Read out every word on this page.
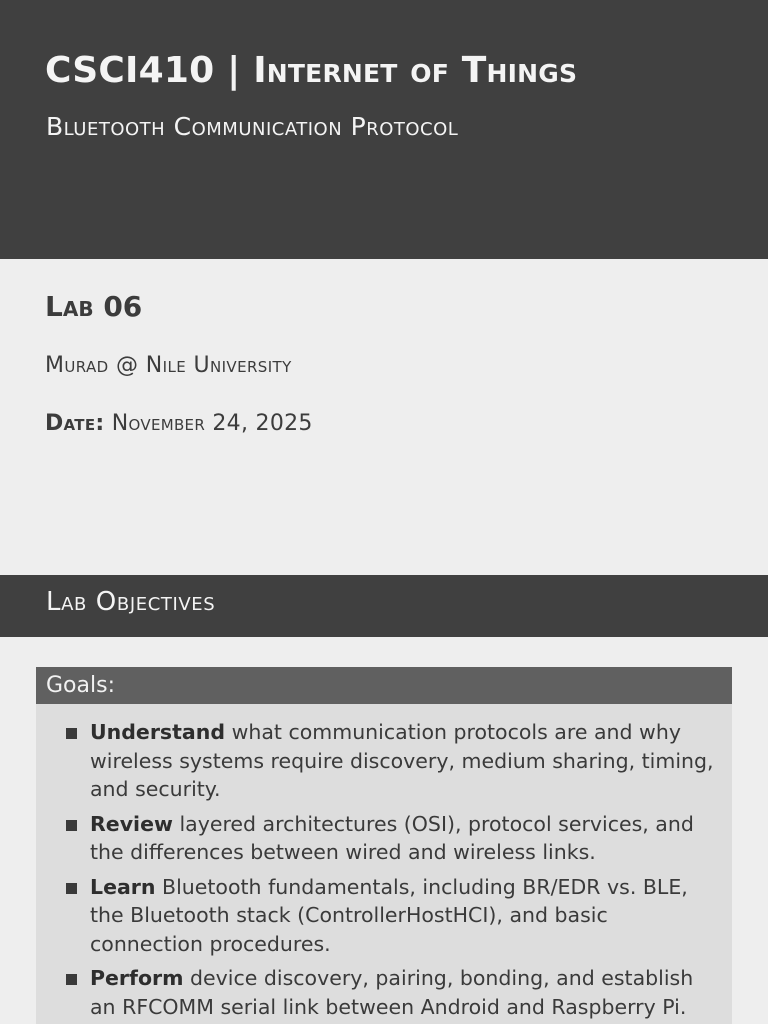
CSCI410 | Internet of Things
Bluetooth Communication Protocol
Lab 06
Murad @ Nile University
Date: November 24, 2025
Lab Objectives
Goals:
Understand what communication protocols are and why wireless systems require discovery, medium sharing, timing, and security.
Review layered architectures (OSI), protocol services, and the differences between wired and wireless links.
Learn Bluetooth fundamentals, including BR/EDR vs. BLE, the Bluetooth stack (ControllerHostHCI), and basic connection procedures.
Perform device discovery, pairing, bonding, and establish an RFCOMM serial link between Android and Raspberry Pi.
